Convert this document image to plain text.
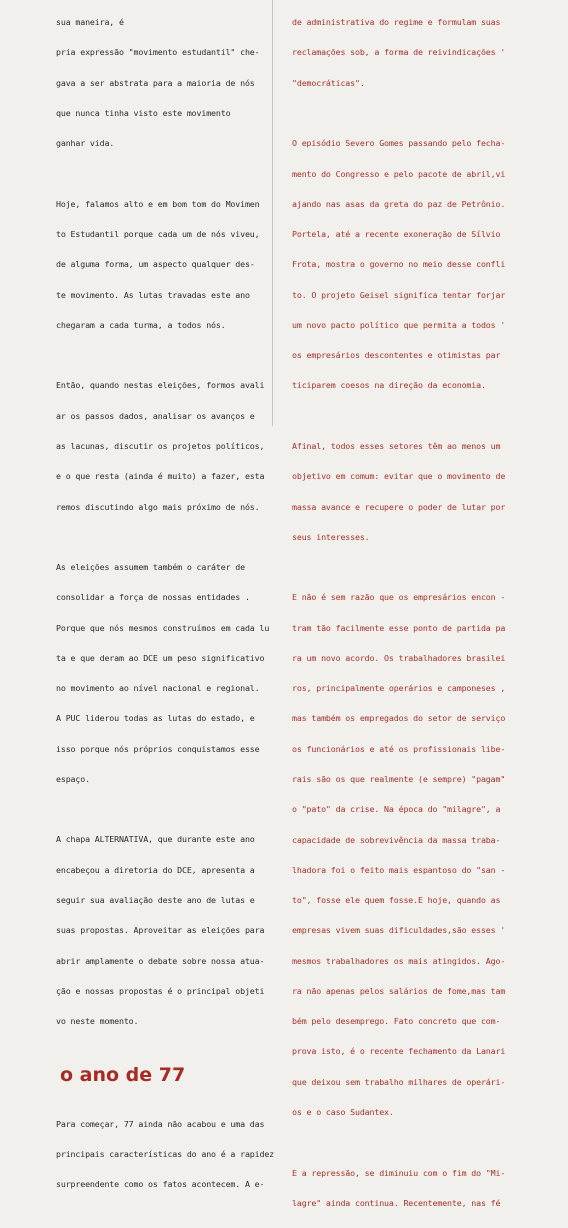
sua maneira, é

pria expressão "movimento estudantil" che-

gava a ser abstrata para a maioria de nós

que nunca tinha visto este movimento

ganhar vida.

Hoje, falamos alto e em bom tom do Movimen

to Estudantil porque cada um de nós viveu,

de alguma forma, um aspecto qualquer des-

te movimento. As lutas travadas este ano

chegaram a cada turma, a todos nós.

Então, quando nestas eleições, formos avali

ar os passos dados, analisar os avanços e

as lacunas, discutir os projetos políticos,

e o que resta (ainda é muito) a fazer, esta

remos discutindo algo mais próximo de nós.

As eleições assumem também o caráter de

consolidar a força de nossas entidades .

Porque que nós mesmos construímos em cada lu

ta e que deram ao DCE um peso significativo

no movimento ao nível nacional e regional.

A PUC liderou todas as lutas do estado, e

isso porque nós próprios conquistamos esse

espaço.

A chapa ALTERNATIVA, que durante este ano

encabeçou a diretoria do DCE, apresenta a

seguir sua avaliação deste ano de lutas e

suas propostas. Aproveitar as eleições para

abrir amplamente o debate sobre nossa atua-

ção e nossas propostas é o principal objeti

vo neste momento.

o ano de 77

Para começar, 77 ainda não acabou e uma das

principais características do ano é a rapidez

surpreendente como os fatos acontecem. A e-

de administrativa do regime e formulam suas

reclamações sob, a forma de reivindicações '

"democráticas".

O episódio Severo Gomes passando pelo fecha-

mento do Congresso e pelo pacote de abril,vi

ajando nas asas da greta do paz de Petrônio.

Portela, até a recente exoneração de Sílvio

Frota, mostra o governo no meio desse confli

to. O projeto Geisel significa tentar forjar

um novo pacto político que permita a todos '

os empresários descontentes e otimistas par

ticiparem coesos na direção da economia.

Afinal, todos esses setores têm ao menos um

objetivo em comum: evitar que o movimento de

massa avance e recupere o poder de lutar por

seus interesses.

E não é sem razão que os empresários encon -

tram tão facilmente esse ponto de partida pa

ra um novo acordo. Os trabalhadores brasilei

ros, principalmente operários e camponeses ,

mas também os empregados do setor de serviço

os funcionários e até os profissionais libe-

rais são os que realmente (e sempre) "pagam"

o "pato" da crise. Na época do "milagre", a

capacidade de sobrevivência da massa traba-

lhadora foi o feito mais espantoso do "san -

to", fosse ele quem fosse.E hoje, quando as

empresas vivem suas dificuldades,são esses '

mesmos trabalhadores os mais atingidos. Ago-

ra não apenas pelos salários de fome,mas tam

bém pelo desemprego. Fato concreto que com-

prova isto, é o recente fechamento da Lanari

que deixou sem trabalho milhares de operári-

os e o caso Sudantex.

E a repressão, se diminuiu com o fim do "Mi-

lagre" ainda continua. Recentemente, nas fé
